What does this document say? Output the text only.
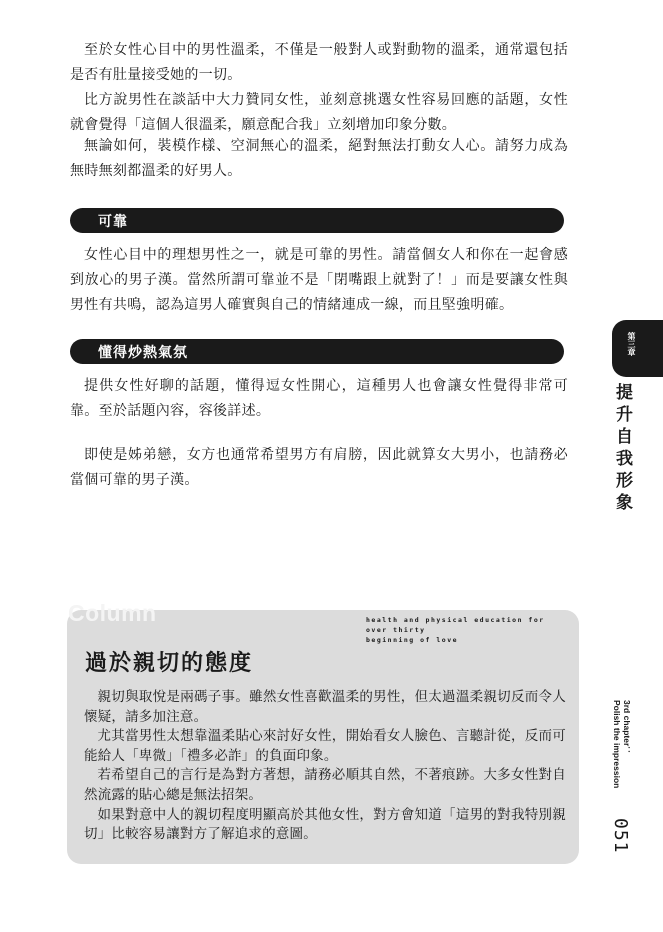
至於女性心目中的男性溫柔，不僅是一般對人或對動物的溫柔，通常還包括是否有肚量接受她的一切。

比方說男性在談話中大力贊同女性，並刻意挑選女性容易回應的話題，女性就會覺得「這個人很溫柔，願意配合我」立刻增加印象分數。

無論如何，裝模作樣、空洞無心的溫柔，絕對無法打動女人心。請努力成為無時無刻都溫柔的好男人。

可靠

女性心目中的理想男性之一，就是可靠的男性。請當個女人和你在一起會感到放心的男子漢。當然所謂可靠並不是「閉嘴跟上就對了！」而是要讓女性與男性有共鳴，認為這男人確實與自己的情緒連成一線，而且堅強明確。

懂得炒熱氣氛

提供女性好聊的話題，懂得逗女性開心，這種男人也會讓女性覺得非常可靠。至於話題內容，容後詳述。

即使是姊弟戀，女方也通常希望男方有肩膀，因此就算女大男小，也請務必當個可靠的男子漢。

第三章
提升自我形象
3rd chapter：
Polish the impression
051
Column	health and physical education for over thirty
beginning of love
過於親切的態度

親切與取悅是兩碼子事。雖然女性喜歡溫柔的男性，但太過溫柔親切反而令人懷疑，請多加注意。

尤其當男性太想靠溫柔貼心來討好女性，開始看女人臉色、言聽計從，反而可能給人「卑微」「禮多必詐」的負面印象。

若希望自己的言行是為對方著想，請務必順其自然，不著痕跡。大多女性對自然流露的貼心總是無法招架。

如果對意中人的親切程度明顯高於其他女性，對方會知道「這男的對我特別親切」比較容易讓對方了解追求的意圖。
